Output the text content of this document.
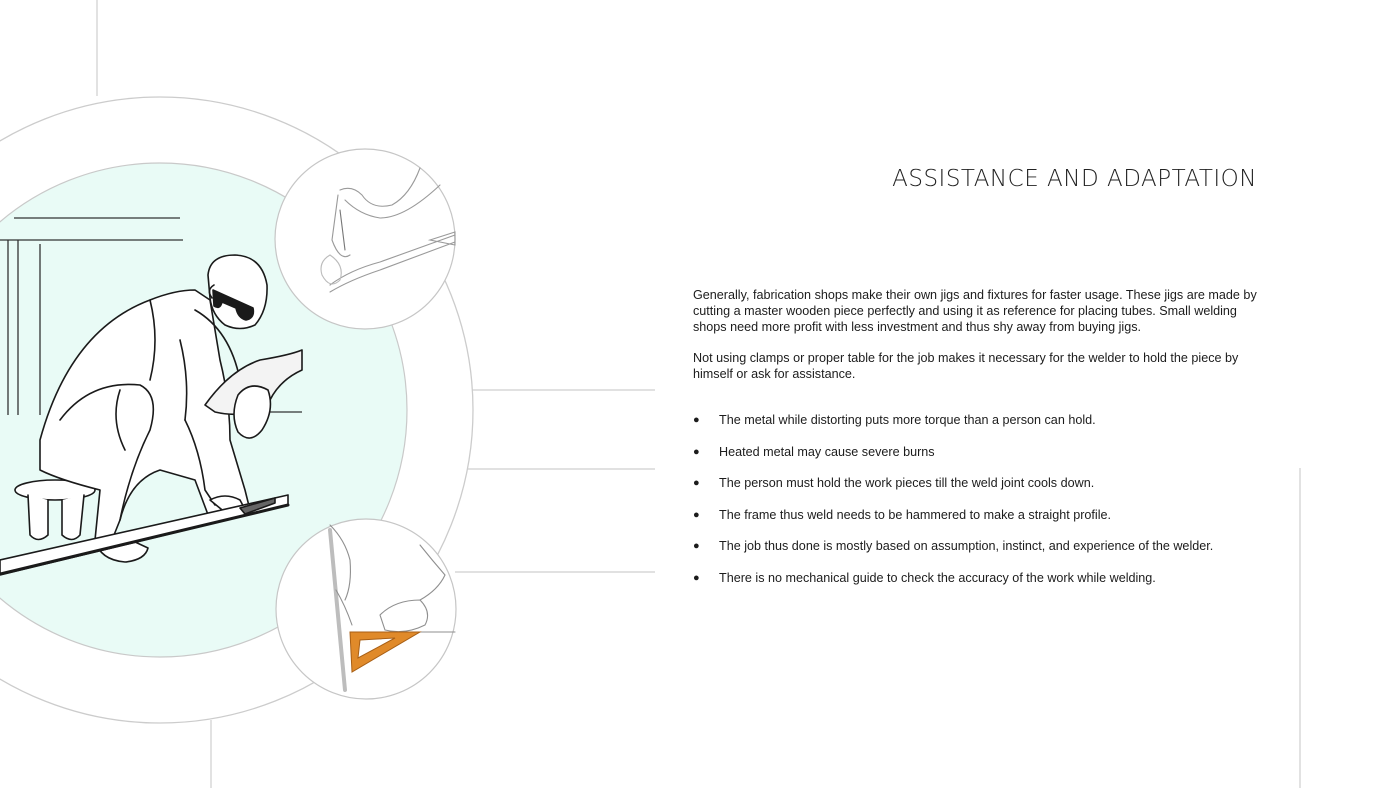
ASSISTANCE AND ADAPTATION

Generally, fabrication shops make their own jigs and fixtures for faster usage. These jigs are made by cutting a master wooden piece perfectly and using it as reference for placing tubes. Small welding shops need more profit with less investment and thus shy away from buying jigs.

Not using clamps or proper table for the job makes it necessary for the welder to hold the piece by himself or ask for assistance.

● The metal while distorting puts more torque than a person can hold.
● Heated metal may cause severe burns
● The person must hold the work pieces till the weld joint cools down.
● The frame thus weld needs to be hammered to make a straight profile.
● The job thus done is mostly based on assumption, instinct, and experience of the welder.
● There is no mechanical guide to check the accuracy of the work while welding.
